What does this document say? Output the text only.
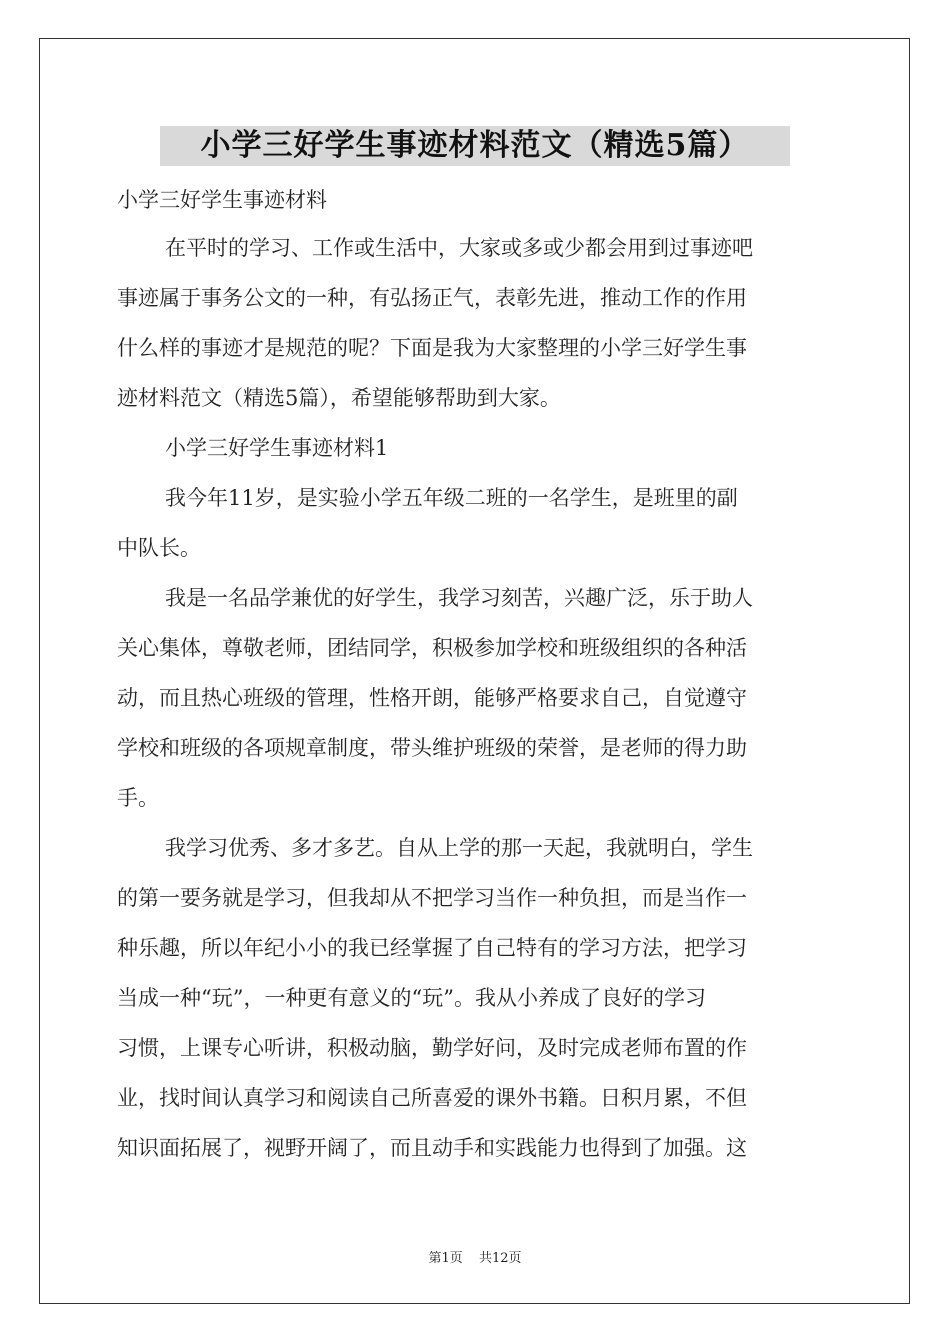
小学三好学生事迹材料范文（精选5篇）
小学三好学生事迹材料
在平时的学习、工作或生活中，大家或多或少都会用到过事迹吧
事迹属于事务公文的一种，有弘扬正气，表彰先进，推动工作的作用
什么样的事迹才是规范的呢？下面是我为大家整理的小学三好学生事
迹材料范文（精选5篇），希望能够帮助到大家。
小学三好学生事迹材料1
我今年11岁，是实验小学五年级二班的一名学生，是班里的副
中队长。
我是一名品学兼优的好学生，我学习刻苦，兴趣广泛，乐于助人
关心集体，尊敬老师，团结同学，积极参加学校和班级组织的各种活
动，而且热心班级的管理，性格开朗，能够严格要求自己，自觉遵守
学校和班级的各项规章制度，带头维护班级的荣誉，是老师的得力助
手。
我学习优秀、多才多艺。自从上学的那一天起，我就明白，学生
的第一要务就是学习，但我却从不把学习当作一种负担，而是当作一
种乐趣，所以年纪小小的我已经掌握了自己特有的学习方法，把学习
当成一种“玩”，一种更有意义的“玩”。我从小养成了良好的学习
习惯，上课专心听讲，积极动脑，勤学好问，及时完成老师布置的作
业，找时间认真学习和阅读自己所喜爱的课外书籍。日积月累，不但
知识面拓展了，视野开阔了，而且动手和实践能力也得到了加强。这
第1页 共12页
